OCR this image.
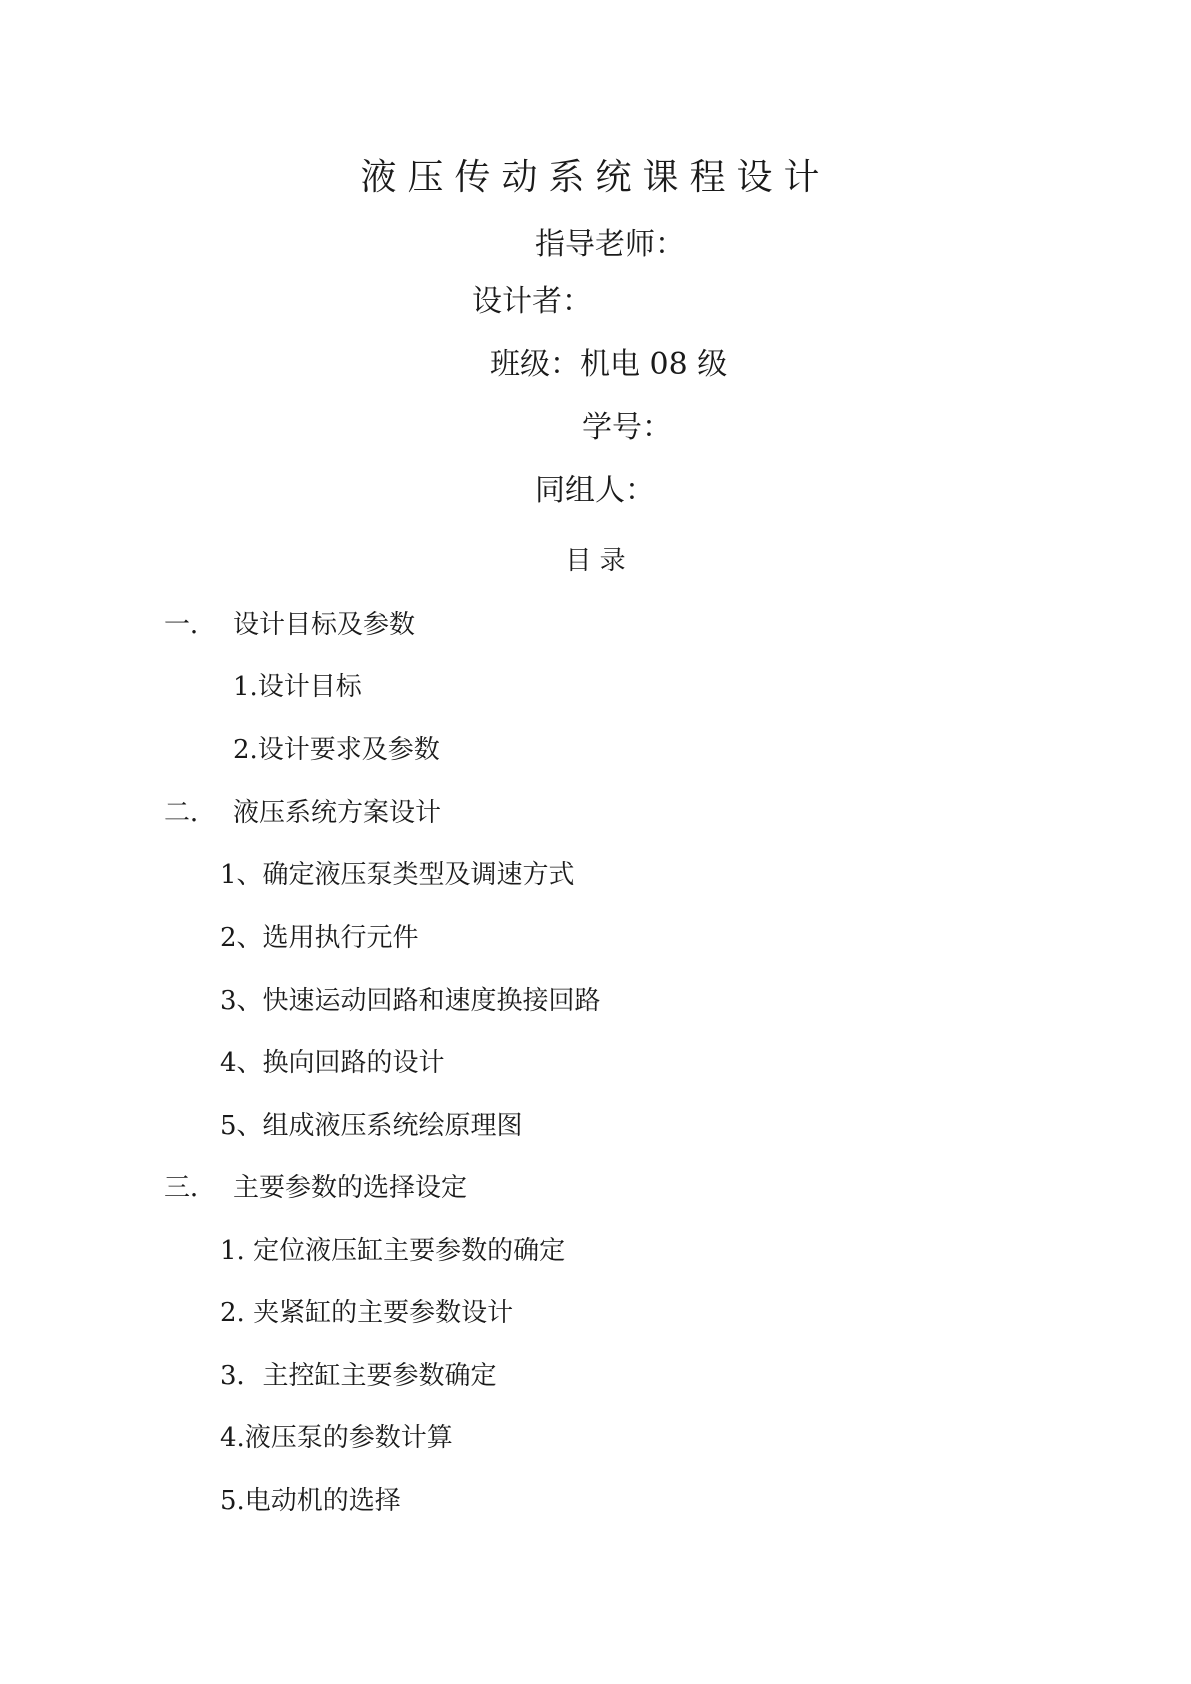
液压传动系统课程设计
指导老师：
设计者：
班级：机电 08 级
学号：
同组人：
目 录
一． 设计目标及参数
1.设计目标
2.设计要求及参数
二． 液压系统方案设计
1、确定液压泵类型及调速方式
2、选用执行元件
3、快速运动回路和速度换接回路
4、换向回路的设计
5、组成液压系统绘原理图
三． 主要参数的选择设定
1. 定位液压缸主要参数的确定
2. 夹紧缸的主要参数设计
3．主控缸主要参数确定
4.液压泵的参数计算
5.电动机的选择
